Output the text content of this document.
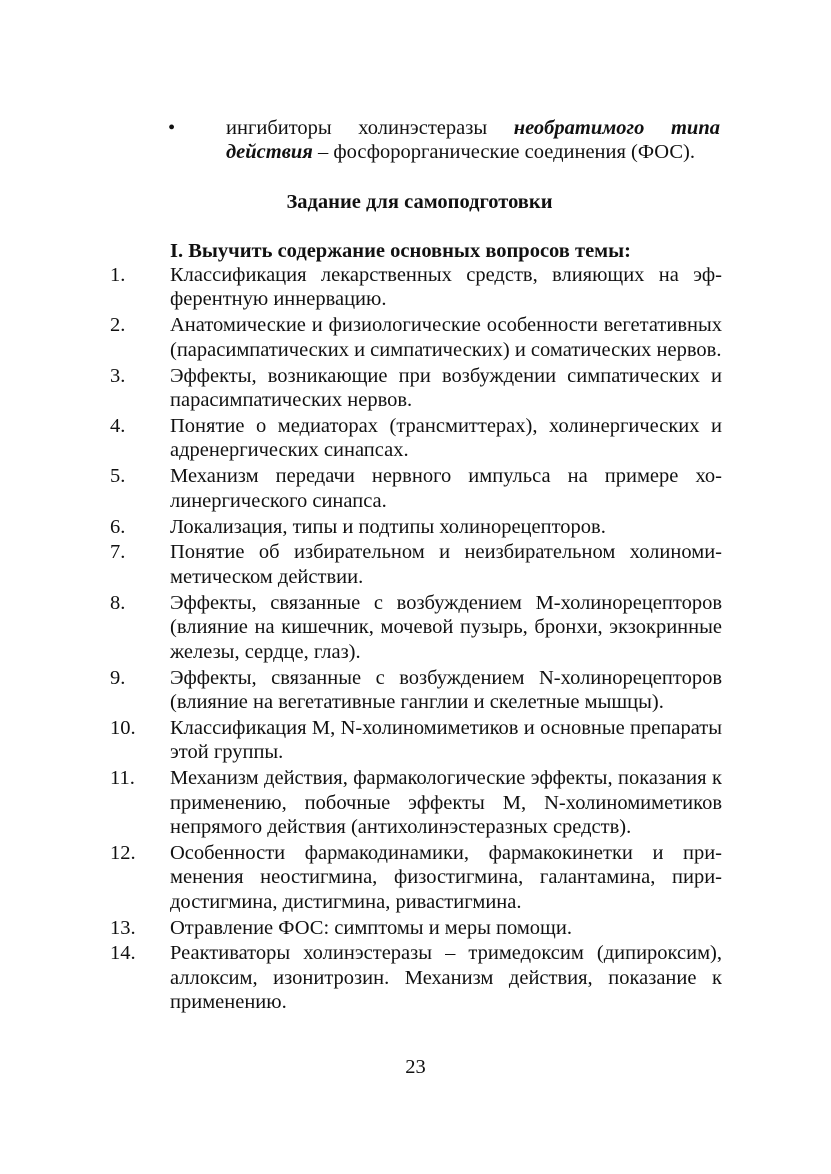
• ингибиторы холинэстеразы необратимого типа действия – фосфорорганические соединения (ФОС).
Задание для самоподготовки
I. Выучить содержание основных вопросов темы:
1.	Классификация лекарственных средств, влияющих на эфферентную иннервацию.
2.	Анатомические и физиологические особенности вегетативных (парасимпатических и симпатических) и соматических нервов.
3.	Эффекты, возникающие при возбуждении симпатических и парасимпатических нервов.
4.	Понятие о медиаторах (трансмиттерах), холинергических и адренергических синапсах.
5.	Механизм передачи нервного импульса на примере холинергического синапса.
6.	Локализация, типы и подтипы холинорецепторов.
7.	Понятие об избирательном и неизбирательном холиномиметическом действии.
8.	Эффекты, связанные с возбуждением М-холинорецепторов (влияние на кишечник, мочевой пузырь, бронхи, экзокринные железы, сердце, глаз).
9.	Эффекты, связанные с возбуждением N-холинорецепторов (влияние на вегетативные ганглии и скелетные мышцы).
10.	Классификация М, N-холиномиметиков и основные препараты этой группы.
11.	Механизм действия, фармакологические эффекты, показания к применению, побочные эффекты М, N-холиномиметиков непрямого действия (антихолинэстеразных средств).
12.	Особенности фармакодинамики, фармакокинетки и применения неостигмина, физостигмина, галантамина, пиридостигмина, дистигмина, ривастигмина.
13.	Отравление ФОС: симптомы и меры помощи.
14.	Реактиваторы холинэстеразы – тримедоксим (дипироксим), аллоксим, изонитрозин. Механизм действия, показание к применению.
23
